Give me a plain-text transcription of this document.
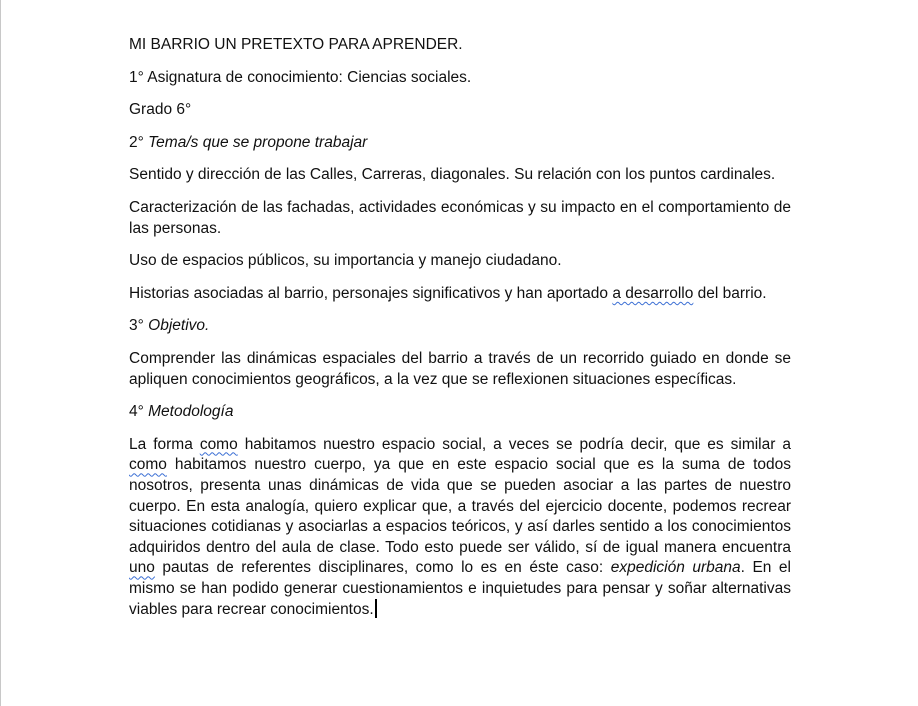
MI BARRIO UN PRETEXTO PARA APRENDER.

1° Asignatura de conocimiento: Ciencias sociales.

Grado 6°

2° Tema/s que se propone trabajar

Sentido y dirección de las Calles, Carreras, diagonales. Su relación con los puntos cardinales.

Caracterización de las fachadas, actividades económicas y su impacto en el comportamiento de las personas.

Uso de espacios públicos, su importancia y manejo ciudadano.

Historias asociadas al barrio, personajes significativos y han aportado a desarrollo del barrio.

3° Objetivo.

Comprender las dinámicas espaciales del barrio a través de un recorrido guiado en donde se apliquen conocimientos geográficos, a la vez que se reflexionen situaciones específicas.

4° Metodología

La forma como habitamos nuestro espacio social, a veces se podría decir, que es similar a como habitamos nuestro cuerpo, ya que en este espacio social que es la suma de todos nosotros, presenta unas dinámicas de vida que se pueden asociar a las partes de nuestro cuerpo. En esta analogía, quiero explicar que, a través del ejercicio docente, podemos recrear situaciones cotidianas y asociarlas a espacios teóricos, y así darles sentido a los conocimientos adquiridos dentro del aula de clase. Todo esto puede ser válido, sí de igual manera encuentra uno pautas de referentes disciplinares, como lo es en éste caso: expedición urbana. En el mismo se han podido generar cuestionamientos e inquietudes para pensar y soñar alternativas viables para recrear conocimientos.
